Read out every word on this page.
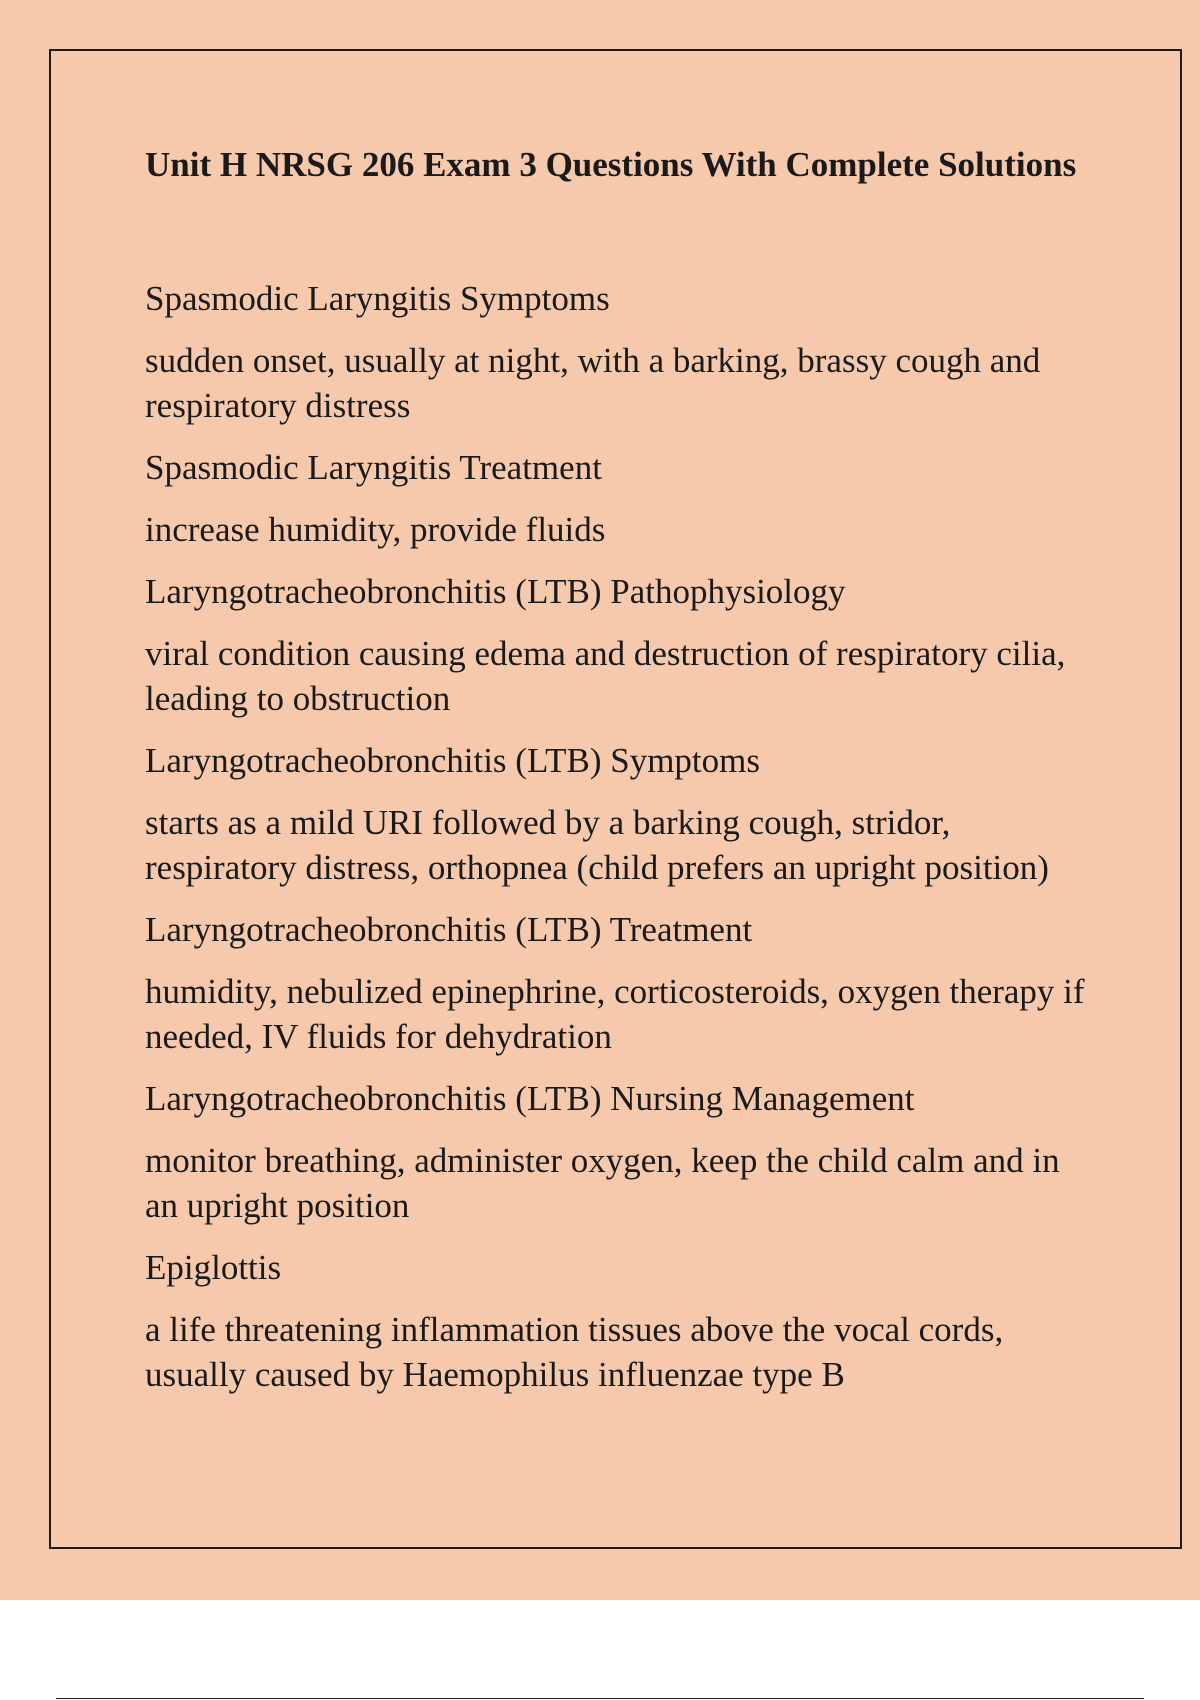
Unit H NRSG 206 Exam 3 Questions With Complete Solutions

Spasmodic Laryngitis Symptoms

sudden onset, usually at night, with a barking, brassy cough and respiratory distress

Spasmodic Laryngitis Treatment

increase humidity, provide fluids

Laryngotracheobronchitis (LTB) Pathophysiology

viral condition causing edema and destruction of respiratory cilia, leading to obstruction

Laryngotracheobronchitis (LTB) Symptoms

starts as a mild URI followed by a barking cough, stridor, respiratory distress, orthopnea (child prefers an upright position)

Laryngotracheobronchitis (LTB) Treatment

humidity, nebulized epinephrine, corticosteroids, oxygen therapy if needed, IV fluids for dehydration

Laryngotracheobronchitis (LTB) Nursing Management

monitor breathing, administer oxygen, keep the child calm and in an upright position

Epiglottis

a life threatening inflammation tissues above the vocal cords, usually caused by Haemophilus influenzae type B
